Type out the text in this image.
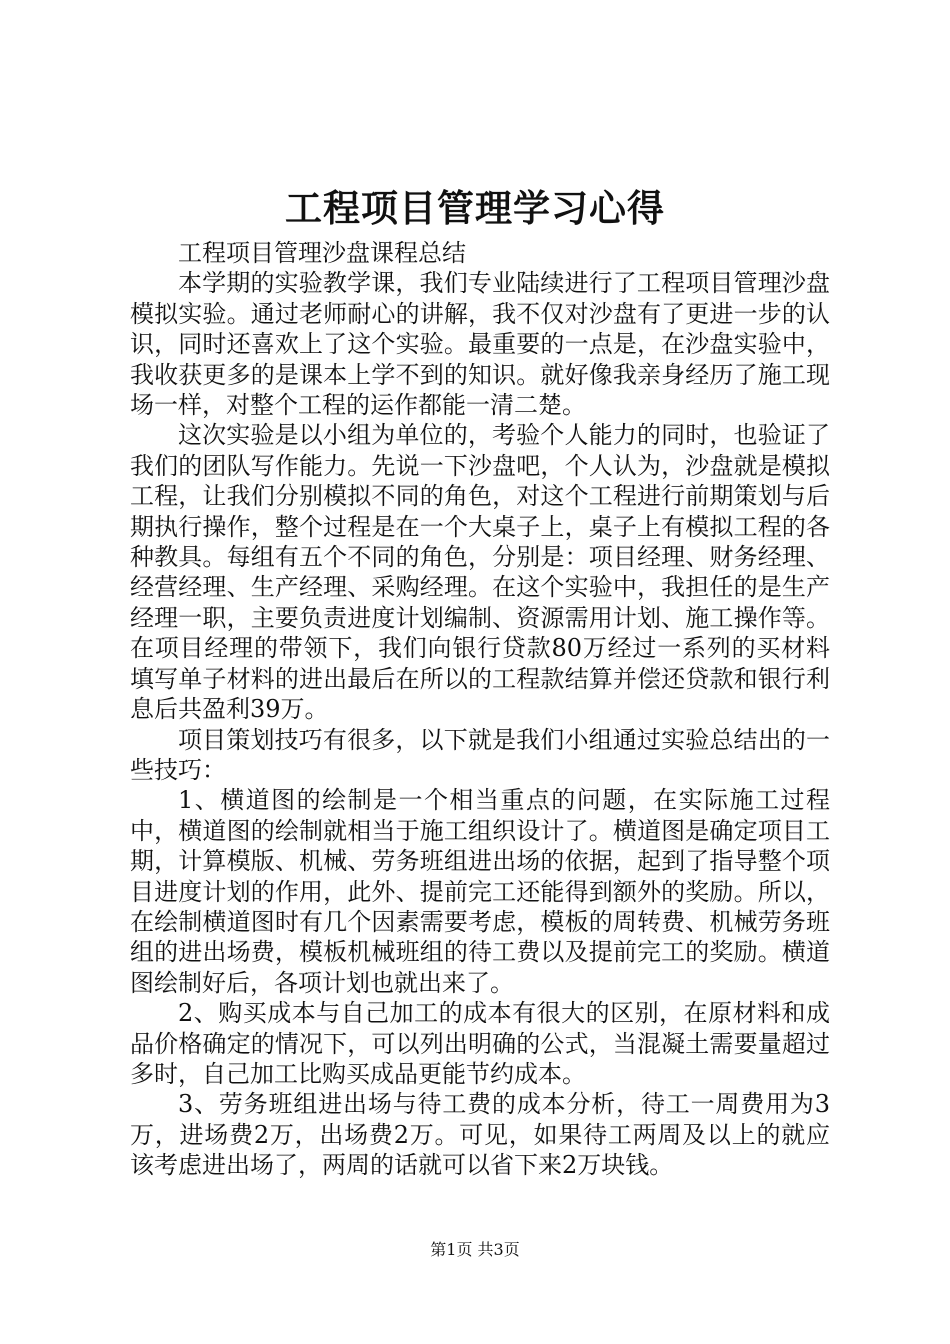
工程项目管理学习心得

工程项目管理沙盘课程总结

本学期的实验教学课，我们专业陆续进行了工程项目管理沙盘模拟实验。通过老师耐心的讲解，我不仅对沙盘有了更进一步的认识，同时还喜欢上了这个实验。最重要的一点是，在沙盘实验中，我收获更多的是课本上学不到的知识。就好像我亲身经历了施工现场一样，对整个工程的运作都能一清二楚。

这次实验是以小组为单位的，考验个人能力的同时，也验证了我们的团队写作能力。先说一下沙盘吧，个人认为，沙盘就是模拟工程，让我们分别模拟不同的角色，对这个工程进行前期策划与后期执行操作，整个过程是在一个大桌子上，桌子上有模拟工程的各种教具。每组有五个不同的角色，分别是：项目经理、财务经理、经营经理、生产经理、采购经理。在这个实验中，我担任的是生产经理一职，主要负责进度计划编制、资源需用计划、施工操作等。在项目经理的带领下，我们向银行贷款80万经过一系列的买材料填写单子材料的进出最后在所以的工程款结算并偿还贷款和银行利息后共盈利39万。

项目策划技巧有很多，以下就是我们小组通过实验总结出的一些技巧：

1、横道图的绘制是一个相当重点的问题，在实际施工过程中，横道图的绘制就相当于施工组织设计了。横道图是确定项目工期，计算模版、机械、劳务班组进出场的依据，起到了指导整个项目进度计划的作用，此外、提前完工还能得到额外的奖励。所以，在绘制横道图时有几个因素需要考虑，模板的周转费、机械劳务班组的进出场费，模板机械班组的待工费以及提前完工的奖励。横道图绘制好后，各项计划也就出来了。

2、购买成本与自己加工的成本有很大的区别，在原材料和成品价格确定的情况下，可以列出明确的公式，当混凝土需要量超过多时，自己加工比购买成品更能节约成本。

3、劳务班组进出场与待工费的成本分析，待工一周费用为3万，进场费2万，出场费2万。可见，如果待工两周及以上的就应该考虑进出场了，两周的话就可以省下来2万块钱。

第1页 共3页
